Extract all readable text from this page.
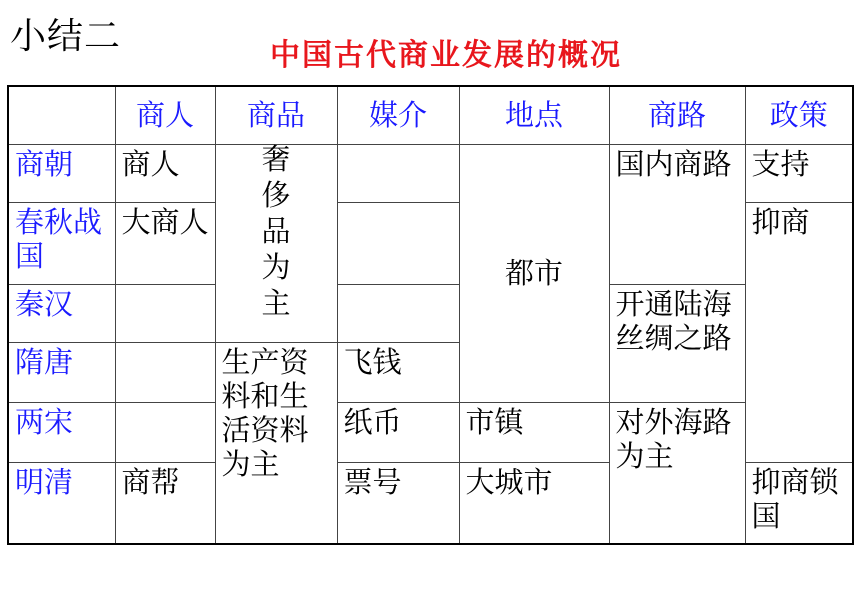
小结二	中国古代商业发展的概况
	商人	商品	媒介	地点	商路	政策
商朝	商人	奢侈品为主		都市	国内商路	支持
春秋战国	大商人					抑商
秦汉					开通陆海丝绸之路	
隋唐		生产资料和生活资料为主	飞钱			
两宋			纸币	市镇	对外海路为主	
明清	商帮		票号	大城市		抑商锁国
